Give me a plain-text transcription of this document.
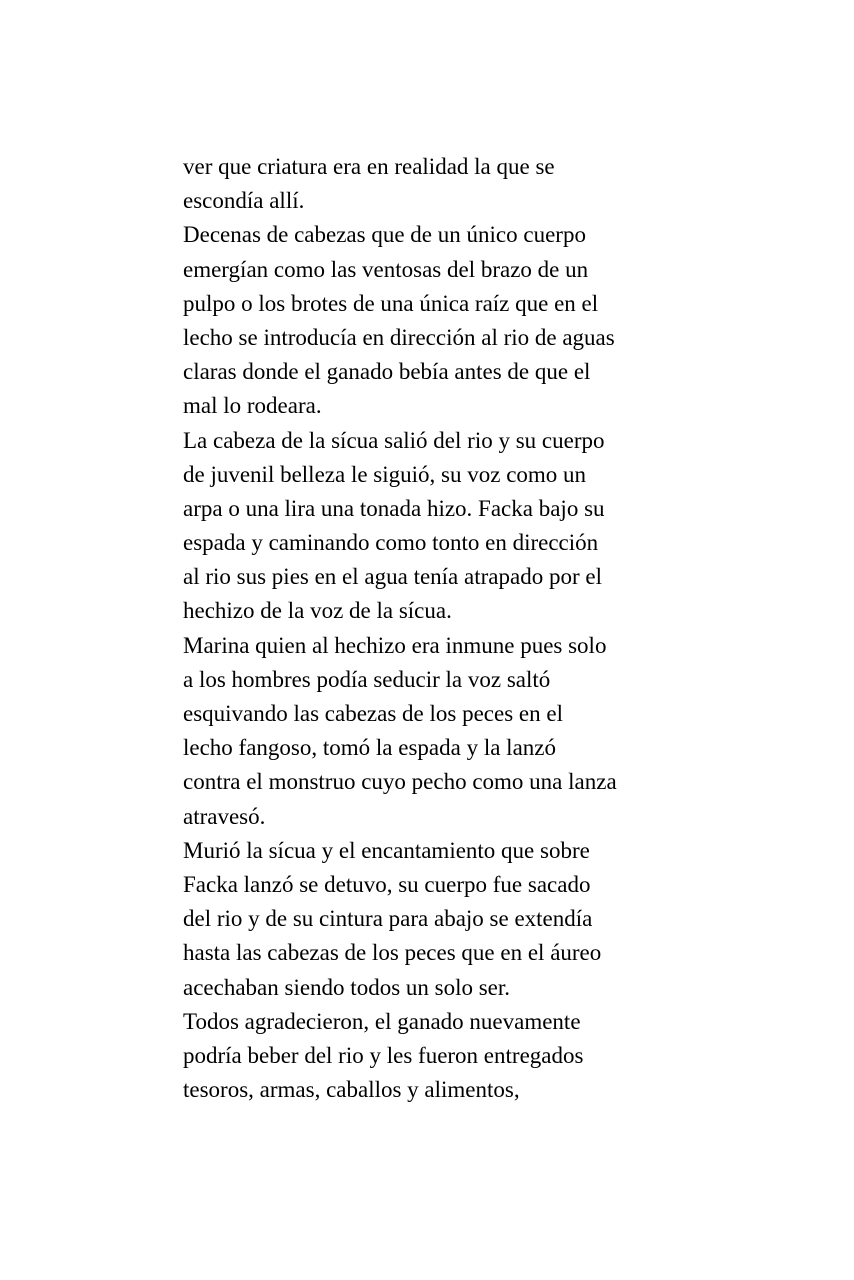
ver que criatura era en realidad la que se
escondía allí.
Decenas de cabezas que de un único cuerpo
emergían como las ventosas del brazo de un
pulpo o los brotes de una única raíz que en el
lecho se introducía en dirección al rio de aguas
claras donde el ganado bebía antes de que el
mal lo rodeara.
La cabeza de la sícua salió del rio y su cuerpo
de juvenil belleza le siguió, su voz como un
arpa o una lira una tonada hizo. Facka bajo su
espada y caminando como tonto en dirección
al rio sus pies en el agua tenía atrapado por el
hechizo de la voz de la sícua.
Marina quien al hechizo era inmune pues solo
a los hombres podía seducir la voz saltó
esquivando las cabezas de los peces en el
lecho fangoso, tomó la espada y la lanzó
contra el monstruo cuyo pecho como una lanza
atravesó.
Murió la sícua y el encantamiento que sobre
Facka lanzó se detuvo, su cuerpo fue sacado
del rio y de su cintura para abajo se extendía
hasta las cabezas de los peces que en el áureo
acechaban siendo todos un solo ser.
Todos agradecieron, el ganado nuevamente
podría beber del rio y les fueron entregados
tesoros, armas, caballos y alimentos,
